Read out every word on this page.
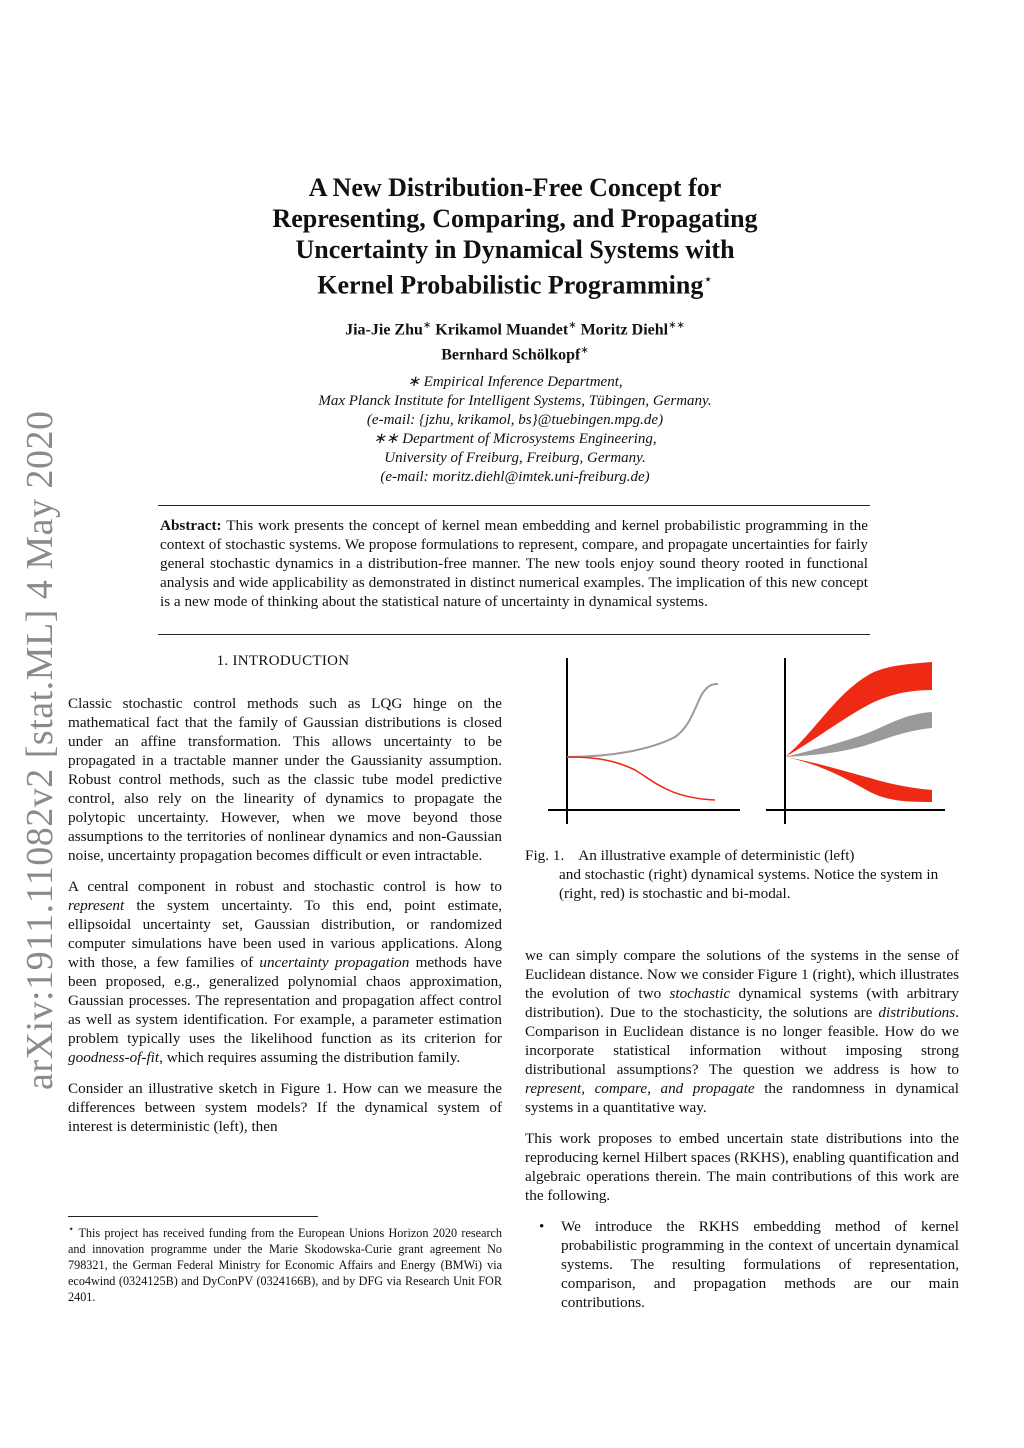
arXiv:1911.11082v2 [stat.ML] 4 May 2020
A New Distribution-Free Concept for
Representing, Comparing, and Propagating
Uncertainty in Dynamical Systems with
Kernel Probabilistic Programming⋆
Jia-Jie Zhu∗ Krikamol Muandet∗ Moritz Diehl∗∗
Bernhard Schölkopf∗
∗ Empirical Inference Department,
Max Planck Institute for Intelligent Systems, Tübingen, Germany.
(e-mail: {jzhu, krikamol, bs}@tuebingen.mpg.de)
∗∗ Department of Microsystems Engineering,
University of Freiburg, Freiburg, Germany.
(e-mail: moritz.diehl@imtek.uni-freiburg.de)
Abstract: This work presents the concept of kernel mean embedding and kernel probabilistic programming in the context of stochastic systems. We propose formulations to represent, compare, and propagate uncertainties for fairly general stochastic dynamics in a distribution-free manner. The new tools enjoy sound theory rooted in functional analysis and wide applicability as demonstrated in distinct numerical examples. The implication of this new concept is a new mode of thinking about the statistical nature of uncertainty in dynamical systems.
1. INTRODUCTION

Classic stochastic control methods such as LQG hinge on the mathematical fact that the family of Gaussian distributions is closed under an affine transformation. This allows uncertainty to be propagated in a tractable manner under the Gaussianity assumption. Robust control methods, such as the classic tube model predictive control, also rely on the linearity of dynamics to propagate the polytopic uncertainty. However, when we move beyond those assumptions to the territories of nonlinear dynamics and non-Gaussian noise, uncertainty propagation becomes difficult or even intractable.

A central component in robust and stochastic control is how to represent the system uncertainty. To this end, point estimate, ellipsoidal uncertainty set, Gaussian distribution, or randomized computer simulations have been used in various applications. Along with those, a few families of uncertainty propagation methods have been proposed, e.g., generalized polynomial chaos approximation, Gaussian processes. The representation and propagation affect control as well as system identification. For example, a parameter estimation problem typically uses the likelihood function as its criterion for goodness-of-fit, which requires assuming the distribution family.

Consider an illustrative sketch in Figure 1. How can we measure the differences between system models? If the dynamical system of interest is deterministic (left), then

⋆ This project has received funding from the European Unions Horizon 2020 research and innovation programme under the Marie Skodowska-Curie grant agreement No 798321, the German Federal Ministry for Economic Affairs and Energy (BMWi) via eco4wind (0324125B) and DyConPV (0324166B), and by DFG via Research Unit FOR 2401.
Fig. 1. An illustrative example of deterministic (left)
and stochastic (right) dynamical systems. Notice the system in (right, red) is stochastic and bi-modal.

we can simply compare the solutions of the systems in the sense of Euclidean distance. Now we consider Figure 1 (right), which illustrates the evolution of two stochastic dynamical systems (with arbitrary distribution). Due to the stochasticity, the solutions are distributions. Comparison in Euclidean distance is no longer feasible. How do we incorporate statistical information without imposing strong distributional assumptions? The question we address is how to represent, compare, and propagate the randomness in dynamical systems in a quantitative way.

This work proposes to embed uncertain state distributions into the reproducing kernel Hilbert spaces (RKHS), enabling quantification and algebraic operations therein. The main contributions of this work are the following.

• We introduce the RKHS embedding method of kernel probabilistic programming in the context of uncertain dynamical systems. The resulting formulations of representation, comparison, and propagation methods are our main contributions.
